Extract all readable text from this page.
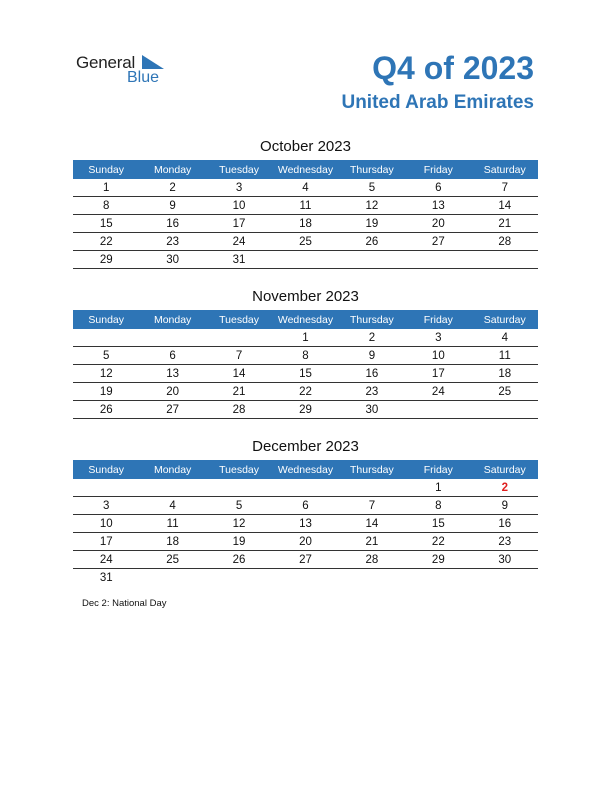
General
Blue	Q4 of 2023
United Arab Emirates
October 2023
Sunday	Monday	Tuesday	Wednesday	Thursday	Friday	Saturday
1	2	3	4	5	6	7
8	9	10	11	12	13	14
15	16	17	18	19	20	21
22	23	24	25	26	27	28
29	30	31				
November 2023
Sunday	Monday	Tuesday	Wednesday	Thursday	Friday	Saturday
			1	2	3	4
5	6	7	8	9	10	11
12	13	14	15	16	17	18
19	20	21	22	23	24	25
26	27	28	29	30		
December 2023
Sunday	Monday	Tuesday	Wednesday	Thursday	Friday	Saturday
					1	2
3	4	5	6	7	8	9
10	11	12	13	14	15	16
17	18	19	20	21	22	23
24	25	26	27	28	29	30
31						
Dec 2: National Day
